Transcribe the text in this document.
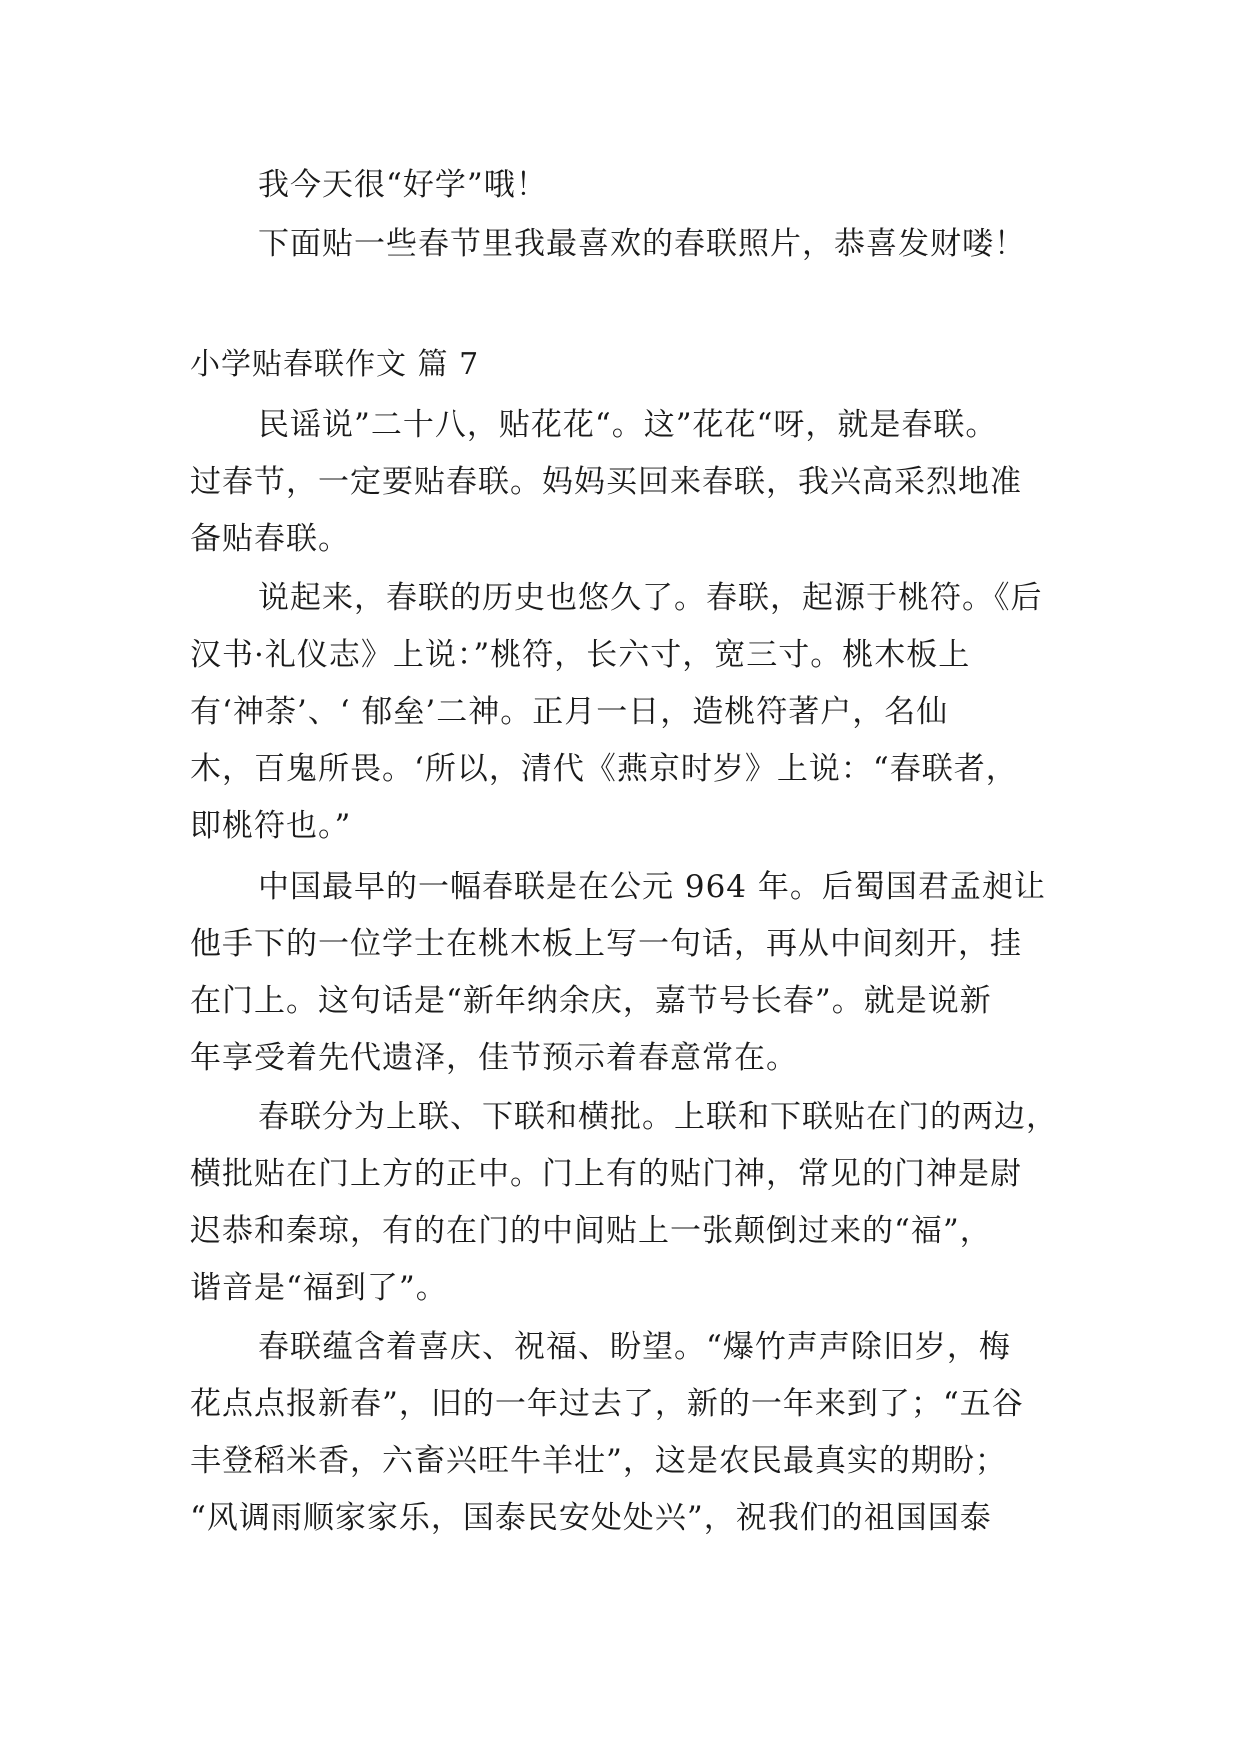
我今天很“好学”哦！
下面贴一些春节里我最喜欢的春联照片，恭喜发财喽！
小学贴春联作文 篇 7
民谣说”二十八，贴花花“。这”花花“呀，就是春联。
过春节，一定要贴春联。妈妈买回来春联，我兴高采烈地准
备贴春联。
说起来，春联的历史也悠久了。春联，起源于桃符。《后
汉书·礼仪志》上说：”桃符，长六寸，宽三寸。桃木板上
有‘神荼’、‘ 郁垒’二神。正月一日，造桃符著户，名仙
木，百鬼所畏。‘所以，清代《燕京时岁》上说：“春联者，
即桃符也。”
中国最早的一幅春联是在公元 964 年。后蜀国君孟昶让
他手下的一位学士在桃木板上写一句话，再从中间刻开，挂
在门上。这句话是“新年纳余庆，嘉节号长春”。就是说新
年享受着先代遗泽，佳节预示着春意常在。
春联分为上联、下联和横批。上联和下联贴在门的两边，
横批贴在门上方的正中。门上有的贴门神，常见的门神是尉
迟恭和秦琼，有的在门的中间贴上一张颠倒过来的“福”，
谐音是“福到了”。
春联蕴含着喜庆、祝福、盼望。“爆竹声声除旧岁，梅
花点点报新春”，旧的一年过去了，新的一年来到了；“五谷
丰登稻米香，六畜兴旺牛羊壮”，这是农民最真实的期盼；
“风调雨顺家家乐，国泰民安处处兴”，祝我们的祖国国泰
